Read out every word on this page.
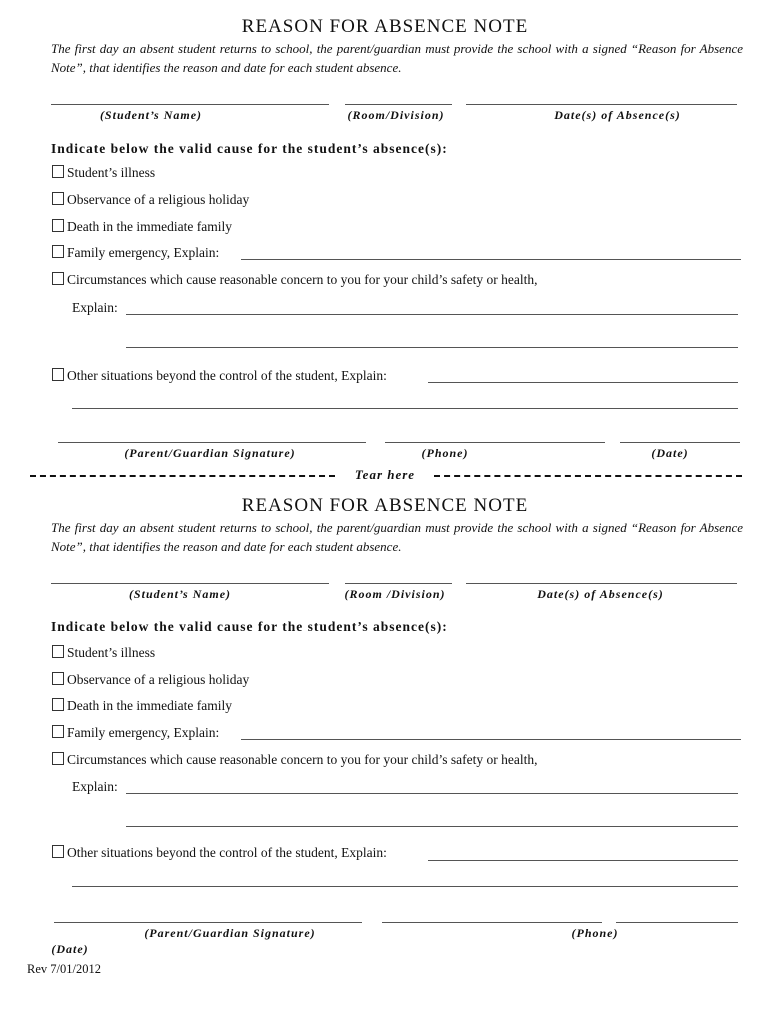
REASON FOR ABSENCE NOTE
The first day an absent student returns to school, the parent/guardian must provide the school with a signed “Reason for Absence Note”, that identifies the reason and date for each student absence.
(Student’s Name)	(Room/Division)	Date(s) of Absence(s)
Indicate below the valid cause for the student’s absence(s):
Student’s illness
Observance of a religious holiday
Death in the immediate family
Family emergency, Explain:
Circumstances which cause reasonable concern to you for your child’s safety or health,
Explain:
Other situations beyond the control of the student, Explain:
(Parent/Guardian Signature)	(Phone)	(Date)
Tear here
REASON FOR ABSENCE NOTE
The first day an absent student returns to school, the parent/guardian must provide the school with a signed “Reason for Absence Note”, that identifies the reason and date for each student absence.
(Student’s Name)	(Room /Division)	Date(s) of Absence(s)
Indicate below the valid cause for the student’s absence(s):
Student’s illness
Observance of a religious holiday
Death in the immediate family
Family emergency, Explain:
Circumstances which cause reasonable concern to you for your child’s safety or health,
Explain:
Other situations beyond the control of the student, Explain:
(Parent/Guardian Signature)	(Phone)
(Date)
Rev 7/01/2012
